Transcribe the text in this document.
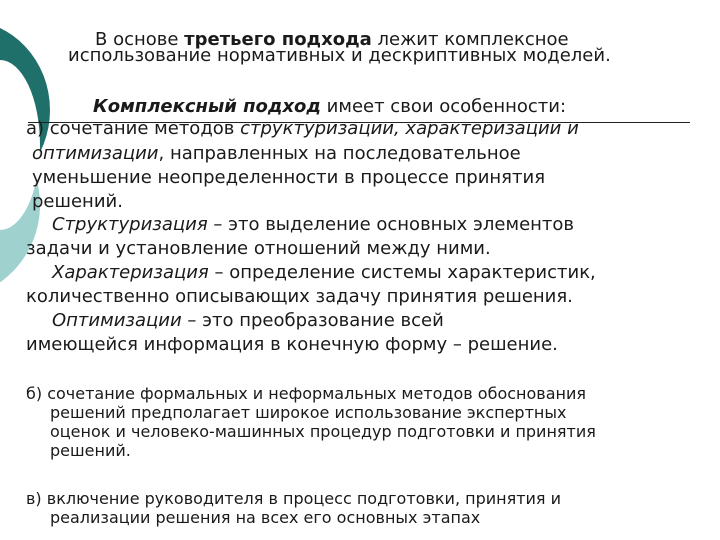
В основе третьего подхода лежит комплексное
использование нормативных и дескриптивных моделей.
Комплексный подход имеет свои особенности:
а) сочетание методов структуризации, характеризации и
оптимизации, направленных на последовательное
уменьшение неопределенности в процессе принятия
решений.
Структуризация – это выделение основных элементов
задачи и установление отношений между ними.
Характеризация – определение системы характеристик,
количественно описывающих задачу принятия решения.
Оптимизации – это преобразование всей
имеющейся информация в конечную форму – решение.
б) сочетание формальных и неформальных методов обоснования
решений предполагает широкое использование экспертных
оценок и человеко-машинных процедур подготовки и принятия
решений.
в) включение руководителя в процесс подготовки, принятия и
реализации решения на всех его основных этапах
